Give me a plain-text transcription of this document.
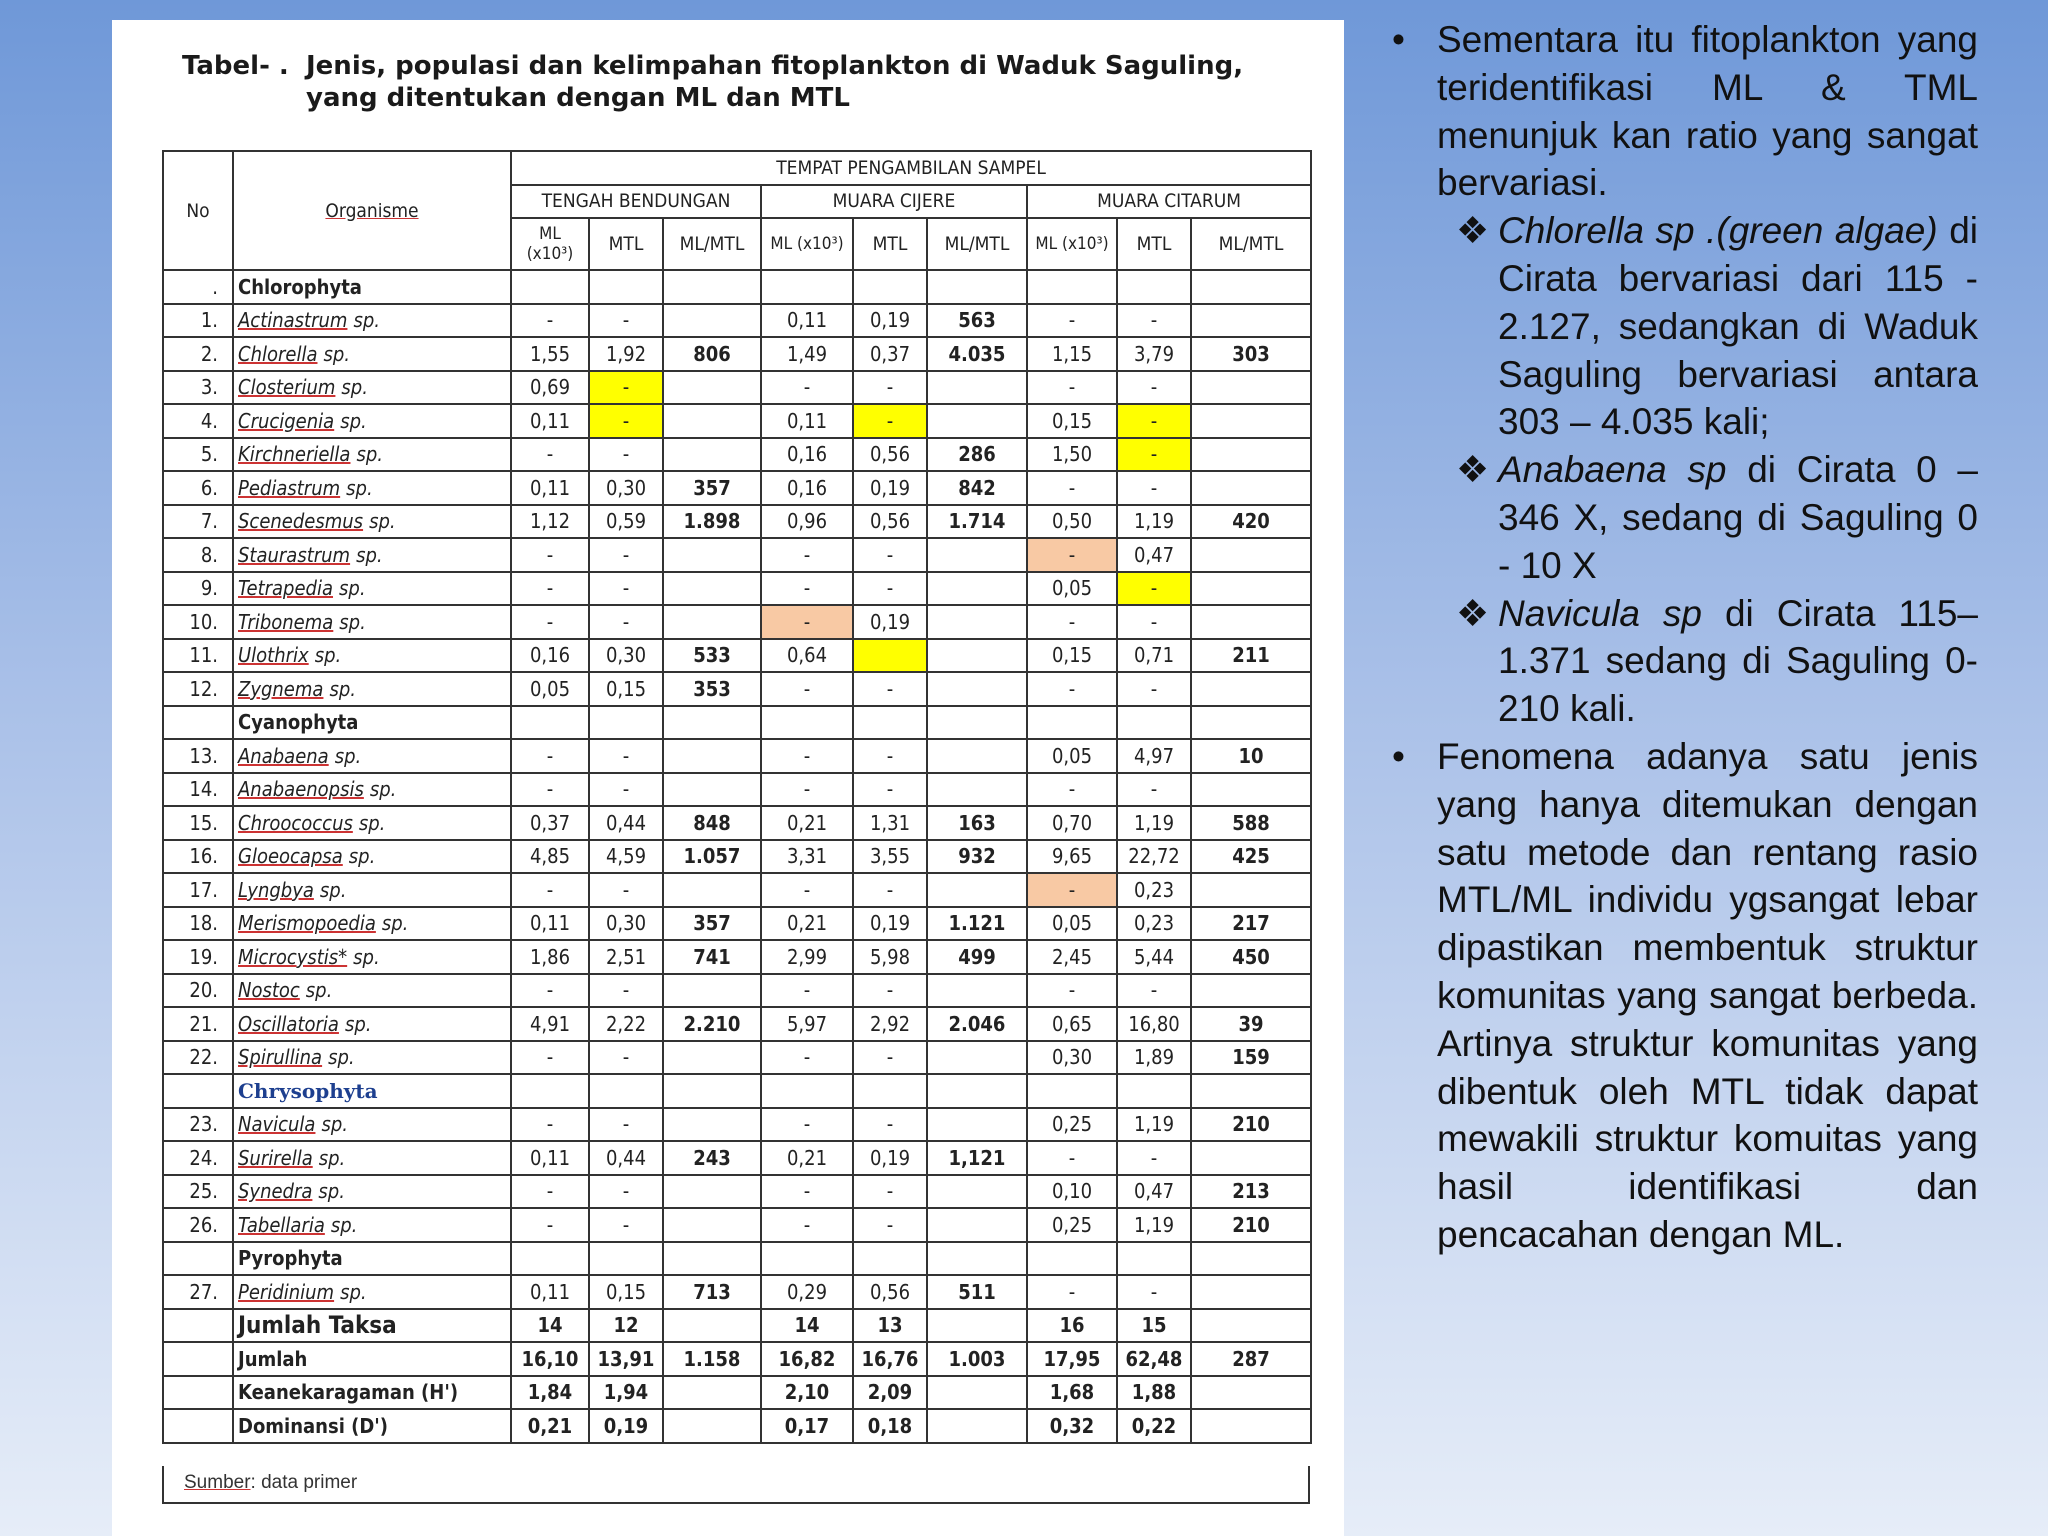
Tabel- . Jenis, populasi dan kelimpahan fitoplankton di Waduk Saguling, yang ditentukan dengan ML dan MTL
No	Organisme	TEMPAT PENGAMBILAN SAMPEL								
		TENGAH BENDUNGAN			MUARA CIJERE			MUARA CITARUM		
		ML (x10³)	MTL	ML/MTL	ML (x10³)	MTL	ML/MTL	ML (x10³)	MTL	ML/MTL
.	Chlorophyta									
1.	Actinastrum sp.	-	-		0,11	0,19	563	-	-	
2.	Chlorella sp.	1,55	1,92	806	1,49	0,37	4.035	1,15	3,79	303
3.	Closterium sp.	0,69	-		-	-		-	-	
4.	Crucigenia sp.	0,11	-		0,11	-		0,15	-	
5.	Kirchneriella sp.	-	-		0,16	0,56	286	1,50	-	
6.	Pediastrum sp.	0,11	0,30	357	0,16	0,19	842	-	-	
7.	Scenedesmus sp.	1,12	0,59	1.898	0,96	0,56	1.714	0,50	1,19	420
8.	Staurastrum sp.	-	-		-	-		-	0,47	
9.	Tetrapedia sp.	-	-		-	-		0,05	-	
10.	Tribonema sp.	-	-		-	0,19		-	-	
11.	Ulothrix sp.	0,16	0,30	533	0,64			0,15	0,71	211
12.	Zygnema sp.	0,05	0,15	353	-	-		-	-	
	Cyanophyta									
13.	Anabaena sp.	-	-		-	-		0,05	4,97	10
14.	Anabaenopsis sp.	-	-		-	-		-	-	
15.	Chroococcus sp.	0,37	0,44	848	0,21	1,31	163	0,70	1,19	588
16.	Gloeocapsa sp.	4,85	4,59	1.057	3,31	3,55	932	9,65	22,72	425
17.	Lyngbya sp.	-	-		-	-		-	0,23	
18.	Merismopoedia sp.	0,11	0,30	357	0,21	0,19	1.121	0,05	0,23	217
19.	Microcystis* sp.	1,86	2,51	741	2,99	5,98	499	2,45	5,44	450
20.	Nostoc sp.	-	-		-	-		-	-	
21.	Oscillatoria sp.	4,91	2,22	2.210	5,97	2,92	2.046	0,65	16,80	39
22.	Spirullina sp.	-	-		-	-		0,30	1,89	159
	Chrysophyta									
23.	Navicula sp.	-	-		-	-		0,25	1,19	210
24.	Surirella sp.	0,11	0,44	243	0,21	0,19	1,121	-	-	
25.	Synedra sp.	-	-		-	-		0,10	0,47	213
26.	Tabellaria sp.	-	-		-	-		0,25	1,19	210
	Pyrophyta									
27.	Peridinium sp.	0,11	0,15	713	0,29	0,56	511	-	-	
	Jumlah Taksa	14	12		14	13		16	15	
	Jumlah	16,10	13,91	1.158	16,82	16,76	1.003	17,95	62,48	287
	Keanekaragaman (H')	1,84	1,94		2,10	2,09		1,68	1,88	
	Dominansi (D')	0,21	0,19		0,17	0,18		0,32	0,22	
Sumber: data primer
• Sementara itu fitoplankton yang teridentifikasi ML & TML menunjuk kan ratio yang sangat bervariasi.
❖ Chlorella sp .(green algae) di Cirata bervariasi dari 115 - 2.127, sedangkan di Waduk Saguling bervariasi antara 303 – 4.035 kali;
❖ Anabaena sp di Cirata 0 – 346 X, sedang di Saguling 0 - 10 X
❖ Navicula sp di Cirata 115– 1.371 sedang di Saguling 0- 210 kali.
• Fenomena adanya satu jenis yang hanya ditemukan dengan satu metode dan rentang rasio MTL/ML individu ygsangat lebar dipastikan membentuk struktur komunitas yang sangat berbeda. Artinya struktur komunitas yang dibentuk oleh MTL tidak dapat mewakili struktur komuitas yang hasil identifikasi dan pencacahan dengan ML.
